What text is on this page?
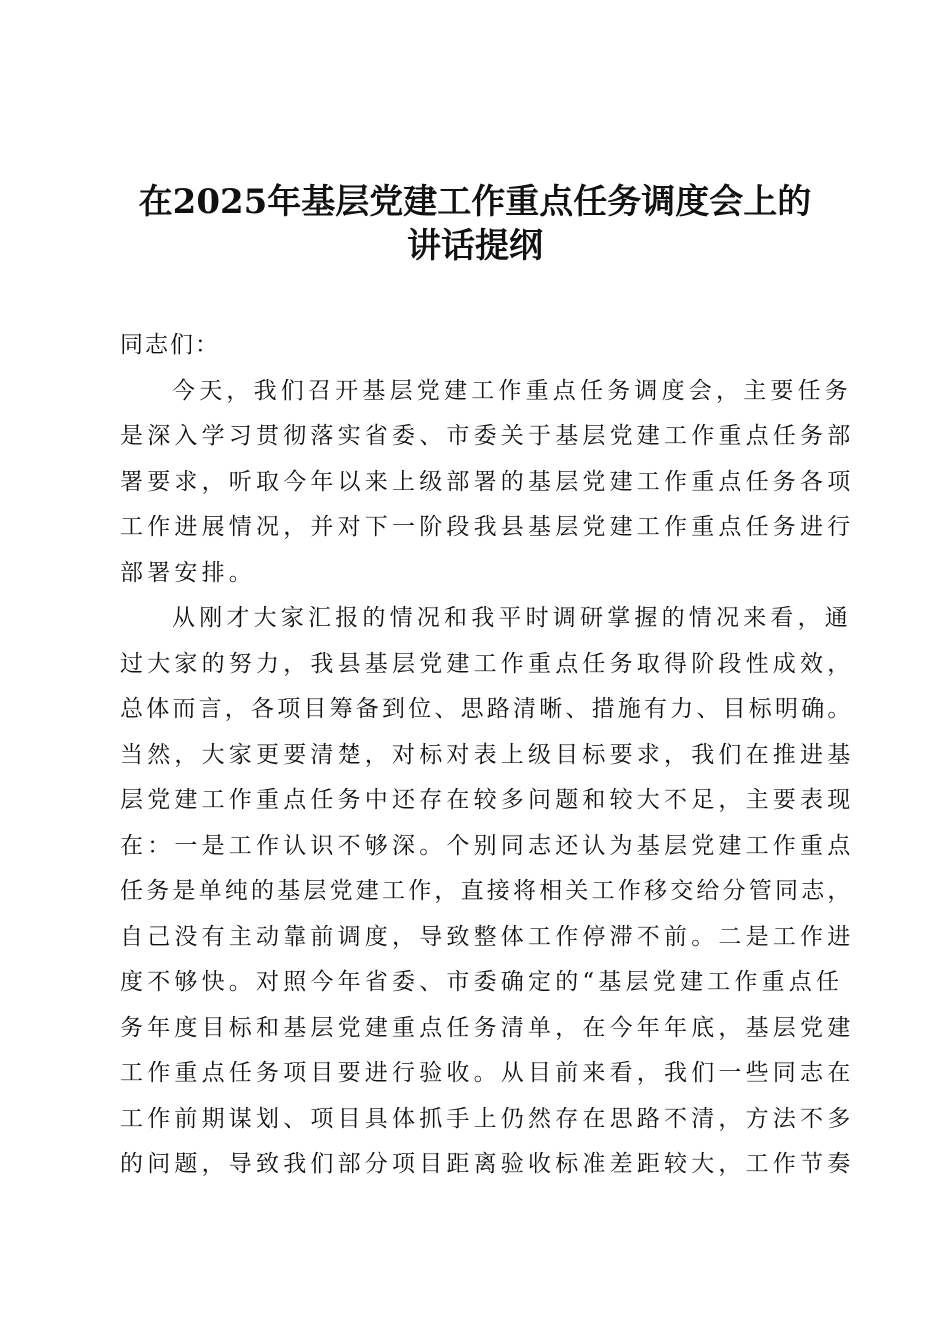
在2025年基层党建工作重点任务调度会上的
讲话提纲
同志们：
今天，我们召开基层党建工作重点任务调度会，主要任务
是深入学习贯彻落实省委、市委关于基层党建工作重点任务部
署要求，听取今年以来上级部署的基层党建工作重点任务各项
工作进展情况，并对下一阶段我县基层党建工作重点任务进行
部署安排。
从刚才大家汇报的情况和我平时调研掌握的情况来看，通
过大家的努力，我县基层党建工作重点任务取得阶段性成效，
总体而言，各项目筹备到位、思路清晰、措施有力、目标明确。
当然，大家更要清楚，对标对表上级目标要求，我们在推进基
层党建工作重点任务中还存在较多问题和较大不足，主要表现
在：一是工作认识不够深。个别同志还认为基层党建工作重点
任务是单纯的基层党建工作，直接将相关工作移交给分管同志，
自己没有主动靠前调度，导致整体工作停滞不前。二是工作进
度不够快。对照今年省委、市委确定的“基层党建工作重点任
务年度目标和基层党建重点任务清单，在今年年底，基层党建
工作重点任务项目要进行验收。从目前来看，我们一些同志在
工作前期谋划、项目具体抓手上仍然存在思路不清，方法不多
的问题，导致我们部分项目距离验收标准差距较大，工作节奏
